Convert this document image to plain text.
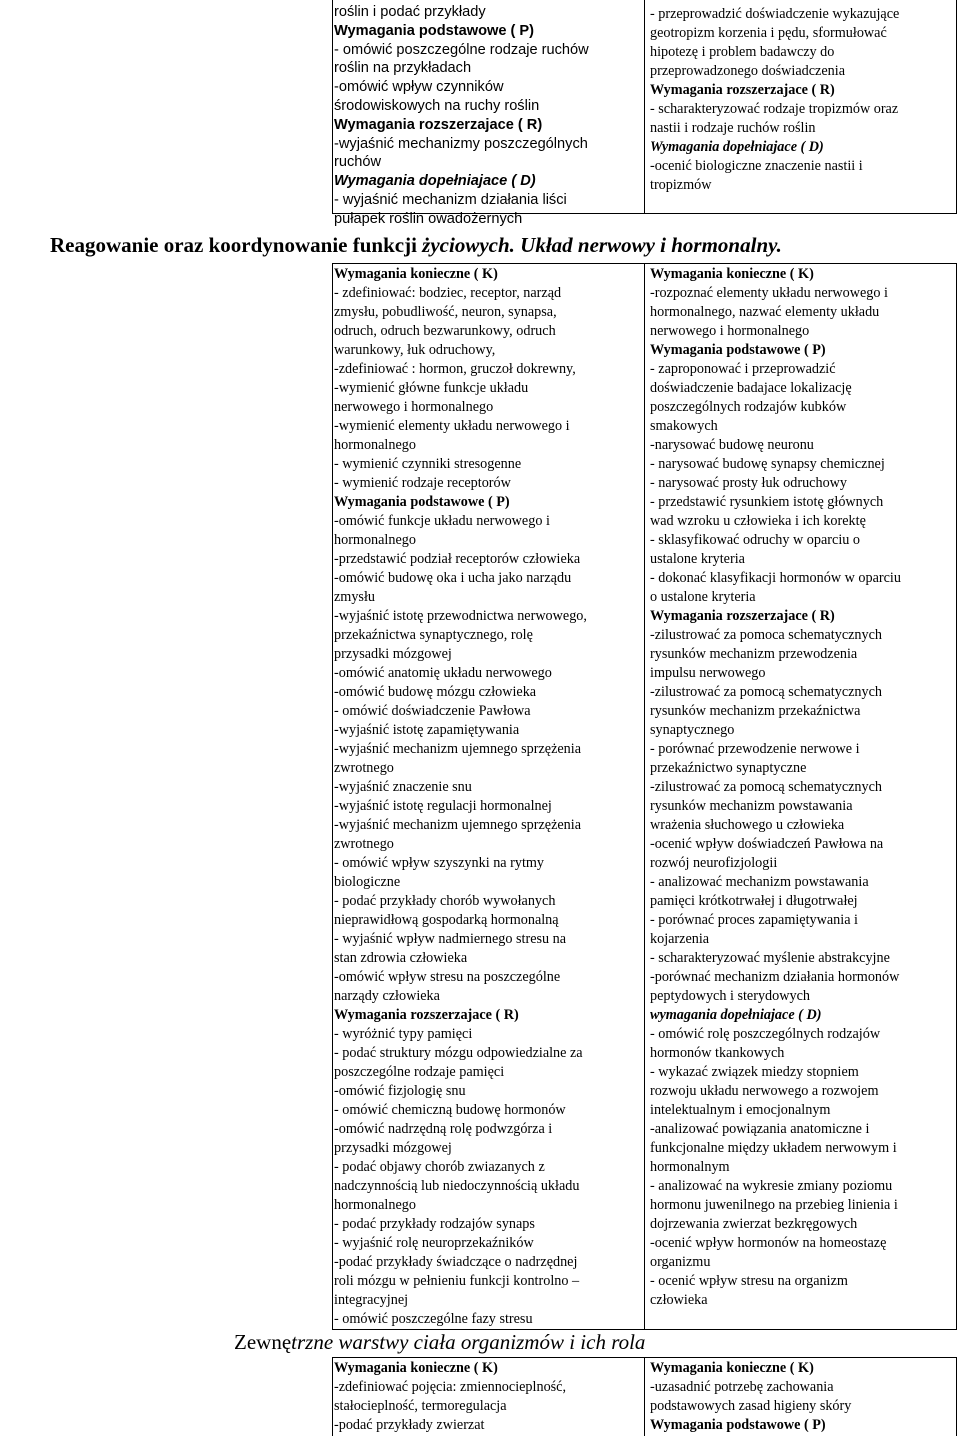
roślin i podać przykłady
Wymagania podstawowe ( P)
- omówić poszczególne rodzaje ruchów
roślin na przykładach
-omówić wpływ czynników
środowiskowych na ruchy roślin
Wymagania rozszerzajace ( R)
-wyjaśnić mechanizmy poszczególnych
ruchów
Wymagania dopełniajace ( D)
- wyjaśnić mechanizm działania liści
pułapek roślin owadożernych
- przeprowadzić doświadczenie wykazujące
geotropizm korzenia i pędu, sformułować
hipotezę i problem badawczy do
przeprowadzonego doświadczenia
Wymagania rozszerzajace ( R)
- scharakteryzować rodzaje tropizmów oraz
nastii i rodzaje ruchów roślin
Wymagania dopełniajace ( D)
-ocenić biologiczne znaczenie nastii i
tropizmów
Reagowanie oraz koordynowanie funkcji życiowych. Układ nerwowy i hormonalny.
Wymagania konieczne ( K)
- zdefiniować: bodziec, receptor, narząd
zmysłu, pobudliwość, neuron, synapsa,
odruch, odruch bezwarunkowy, odruch
warunkowy, łuk odruchowy,
-zdefiniować : hormon, gruczoł dokrewny,
-wymienić główne funkcje układu
nerwowego i hormonalnego
-wymienić elementy układu nerwowego i
hormonalnego
- wymienić czynniki stresogenne
- wymienić rodzaje receptorów
Wymagania podstawowe ( P)
-omówić funkcje układu nerwowego i
hormonalnego
-przedstawić podział receptorów człowieka
-omówić budowę oka i ucha jako narządu
zmysłu
-wyjaśnić istotę przewodnictwa nerwowego,
przekaźnictwa synaptycznego, rolę
przysadki mózgowej
-omówić anatomię układu nerwowego
-omówić budowę mózgu człowieka
- omówić doświadczenie Pawłowa
-wyjaśnić istotę zapamiętywania
-wyjaśnić mechanizm ujemnego sprzężenia
zwrotnego
-wyjaśnić znaczenie snu
-wyjaśnić istotę regulacji hormonalnej
-wyjaśnić mechanizm ujemnego sprzężenia
zwrotnego
- omówić wpływ szyszynki na rytmy
biologiczne
- podać przykłady chorób wywołanych
nieprawidłową gospodarką hormonalną
- wyjaśnić wpływ nadmiernego stresu na
stan zdrowia człowieka
-omówić wpływ stresu na poszczególne
narządy człowieka
Wymagania rozszerzajace ( R)
- wyróżnić typy pamięci
- podać struktury mózgu odpowiedzialne za
poszczególne rodzaje pamięci
-omówić fizjologię snu
- omówić chemiczną budowę hormonów
-omówić nadrzędną rolę podwzgórza i
przysadki mózgowej
- podać objawy chorób zwiazanych z
nadczynnością lub niedoczynnością układu
hormonalnego
- podać przykłady rodzajów synaps
- wyjaśnić rolę neuroprzekaźników
-podać przykłady świadczące o nadrzędnej
roli mózgu w pełnieniu funkcji kontrolno –
integracyjnej
- omówić poszczególne fazy stresu
Wymagania konieczne ( K)
-rozpoznać elementy układu nerwowego i
hormonalnego, nazwać elementy układu
nerwowego i hormonalnego
Wymagania podstawowe ( P)
- zaproponować i przeprowadzić
doświadczenie badajace lokalizację
poszczególnych rodzajów kubków
smakowych
-narysować budowę neuronu
- narysować budowę synapsy chemicznej
- narysować prosty łuk odruchowy
- przedstawić rysunkiem istotę głównych
wad wzroku u człowieka i ich korektę
- sklasyfikować odruchy w oparciu o
ustalone kryteria
- dokonać klasyfikacji hormonów w oparciu
o ustalone kryteria
Wymagania rozszerzajace ( R)
-zilustrować za pomoca schematycznych
rysunków mechanizm przewodzenia
impulsu nerwowego
-zilustrować za pomocą schematycznych
rysunków mechanizm przekaźnictwa
synaptycznego
- porównać przewodzenie nerwowe i
przekaźnictwo synaptyczne
-zilustrować za pomocą schematycznych
rysunków mechanizm powstawania
wrażenia słuchowego u człowieka
-ocenić wpływ doświadczeń Pawłowa na
rozwój neurofizjologii
- analizować mechanizm powstawania
pamięci krótkotrwałej i długotrwałej
- porównać proces zapamiętywania i
kojarzenia
- scharakteryzować myślenie abstrakcyjne
-porównać mechanizm działania hormonów
peptydowych i sterydowych
wymagania dopełniajace ( D)
- omówić rolę poszczególnych rodzajów
hormonów tkankowych
- wykazać związek miedzy stopniem
rozwoju układu nerwowego a rozwojem
intelektualnym i emocjonalnym
-analizować powiązania anatomiczne i
funkcjonalne między układem nerwowym i
hormonalnym
- analizować na wykresie zmiany poziomu
hormonu juwenilnego na przebieg linienia i
dojrzewania zwierzat bezkręgowych
-ocenić wpływ hormonów na homeostazę
organizmu
- ocenić wpływ stresu na organizm
człowieka
Zewnętrzne warstwy ciała organizmów i ich rola
Wymagania konieczne ( K)
-zdefiniować pojęcia: zmiennocieplność,
stałocieplność, termoregulacja
-podać przykłady zwierzat
Wymagania konieczne ( K)
-uzasadnić potrzebę zachowania
podstawowych zasad higieny skóry
Wymagania podstawowe ( P)
